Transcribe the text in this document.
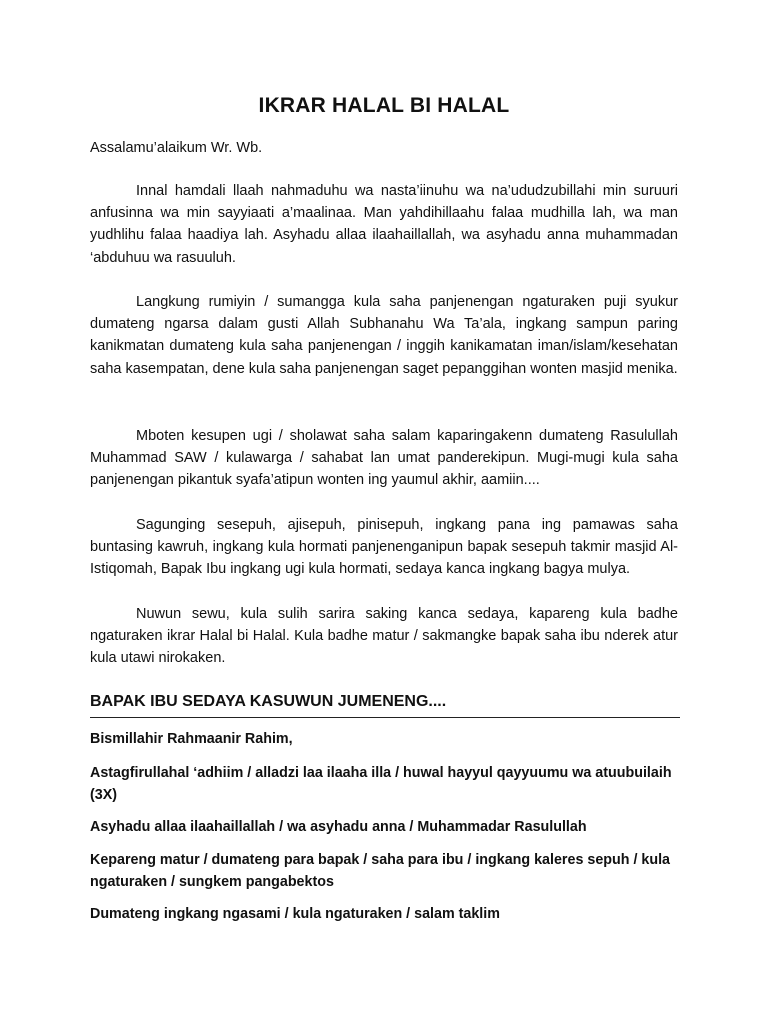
IKRAR HALAL BI HALAL
Assalamu’alaikum Wr. Wb.

Innal hamdali llaah nahmaduhu wa nasta’iinuhu wa na’ududzubillahi min suruuri anfusinna wa min sayyiaati a’maalinaa. Man yahdihillaahu falaa mudhilla lah, wa man yudhlihu falaa haadiya lah. Asyhadu allaa ilaahaillallah, wa asyhadu anna muhammadan ‘abduhuu wa rasuuluh.

Langkung rumiyin / sumangga kula saha panjenengan ngaturaken puji syukur dumateng ngarsa dalam gusti Allah Subhanahu Wa Ta’ala, ingkang sampun paring kanikmatan dumateng kula saha panjenengan / inggih kanikamatan iman/islam/kesehatan saha kasempatan, dene kula saha panjenengan saget pepanggihan wonten masjid menika.

Mboten kesupen ugi / sholawat saha salam kaparingakenn dumateng Rasulullah Muhammad SAW / kulawarga / sahabat lan umat panderekipun. Mugi-mugi kula saha panjenengan pikantuk syafa’atipun wonten ing yaumul akhir, aamiin....

Sagunging sesepuh, ajisepuh, pinisepuh, ingkang pana ing pamawas saha buntasing kawruh, ingkang kula hormati panjenenganipun bapak sesepuh takmir masjid Al-Istiqomah, Bapak Ibu ingkang ugi kula hormati, sedaya kanca ingkang bagya mulya.

Nuwun sewu, kula sulih sarira saking kanca sedaya, kapareng kula badhe ngaturaken ikrar Halal bi Halal. Kula badhe matur / sakmangke bapak saha ibu nderek atur kula utawi nirokaken.

BAPAK IBU SEDAYA KASUWUN JUMENENG....

Bismillahir Rahmaanir Rahim,

Astagfirullahal ‘adhiim / alladzi laa ilaaha illa / huwal hayyul qayyuumu wa atuubuilaih (3X)

Asyhadu allaa ilaahaillallah / wa asyhadu anna / Muhammadar Rasulullah

Kepareng matur / dumateng para bapak / saha para ibu / ingkang kaleres sepuh / kula ngaturaken / sungkem pangabektos

Dumateng ingkang ngasami / kula ngaturaken / salam taklim
